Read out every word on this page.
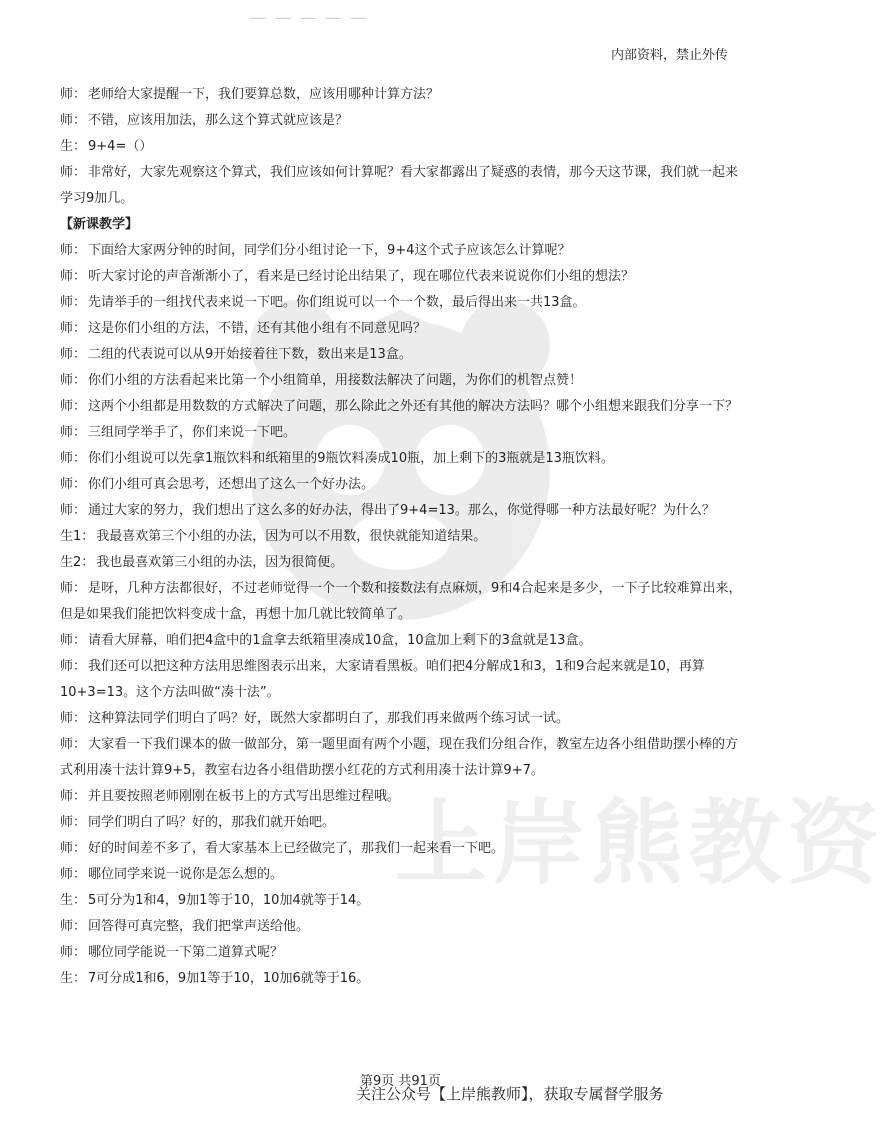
上岸熊教资
— — — — —
内部资料，禁止外传

师： 老师给大家提醒一下，我们要算总数，应该用哪种计算方法？

师： 不错，应该用加法，那么这个算式就应该是？

生： 9+4=（）

师： 非常好，大家先观察这个算式，我们应该如何计算呢？看大家都露出了疑惑的表情，那今天这节课，我们就一起来学习9加几。

【新课教学】

师： 下面给大家两分钟的时间，同学们分小组讨论一下，9+4这个式子应该怎么计算呢？

师： 听大家讨论的声音渐渐小了，看来是已经讨论出结果了，现在哪位代表来说说你们小组的想法？

师： 先请举手的一组找代表来说一下吧。你们组说可以一个一个数，最后得出来一共13盒。

师： 这是你们小组的方法，不错，还有其他小组有不同意见吗？

师： 二组的代表说可以从9开始接着往下数，数出来是13盒。

师： 你们小组的方法看起来比第一个小组简单，用接数法解决了问题，为你们的机智点赞！

师： 这两个小组都是用数数的方式解决了问题，那么除此之外还有其他的解决方法吗？哪个小组想来跟我们分享一下？

师： 三组同学举手了，你们来说一下吧。

师： 你们小组说可以先拿1瓶饮料和纸箱里的9瓶饮料凑成10瓶，加上剩下的3瓶就是13瓶饮料。

师： 你们小组可真会思考，还想出了这么一个好办法。

师： 通过大家的努力，我们想出了这么多的好办法，得出了9+4=13。那么，你觉得哪一种方法最好呢？为什么？

生1： 我最喜欢第三个小组的办法，因为可以不用数，很快就能知道结果。

生2： 我也最喜欢第三小组的办法，因为很简便。

师： 是呀，几种方法都很好，不过老师觉得一个一个数和接数法有点麻烦，9和4合起来是多少，一下子比较难算出来，但是如果我们能把饮料变成十盒，再想十加几就比较简单了。

师： 请看大屏幕，咱们把4盒中的1盒拿去纸箱里凑成10盒，10盒加上剩下的3盒就是13盒。

师： 我们还可以把这种方法用思维图表示出来，大家请看黑板。咱们把4分解成1和3，1和9合起来就是10，再算10+3=13。这个方法叫做“凑十法”。

师： 这种算法同学们明白了吗？好，既然大家都明白了，那我们再来做两个练习试一试。

师： 大家看一下我们课本的做一做部分，第一题里面有两个小题，现在我们分组合作，教室左边各小组借助摆小棒的方式利用凑十法计算9+5，教室右边各小组借助摆小红花的方式利用凑十法计算9+7。

师： 并且要按照老师刚刚在板书上的方式写出思维过程哦。

师： 同学们明白了吗？好的，那我们就开始吧。

师： 好的时间差不多了，看大家基本上已经做完了，那我们一起来看一下吧。

师： 哪位同学来说一说你是怎么想的。

生： 5可分为1和4，9加1等于10，10加4就等于14。

师： 回答得可真完整，我们把掌声送给他。

师： 哪位同学能说一下第二道算式呢？

生： 7可分成1和6，9加1等于10，10加6就等于16。

第9页 共91页
关注公众号【上岸熊教师】，获取专属督学服务
